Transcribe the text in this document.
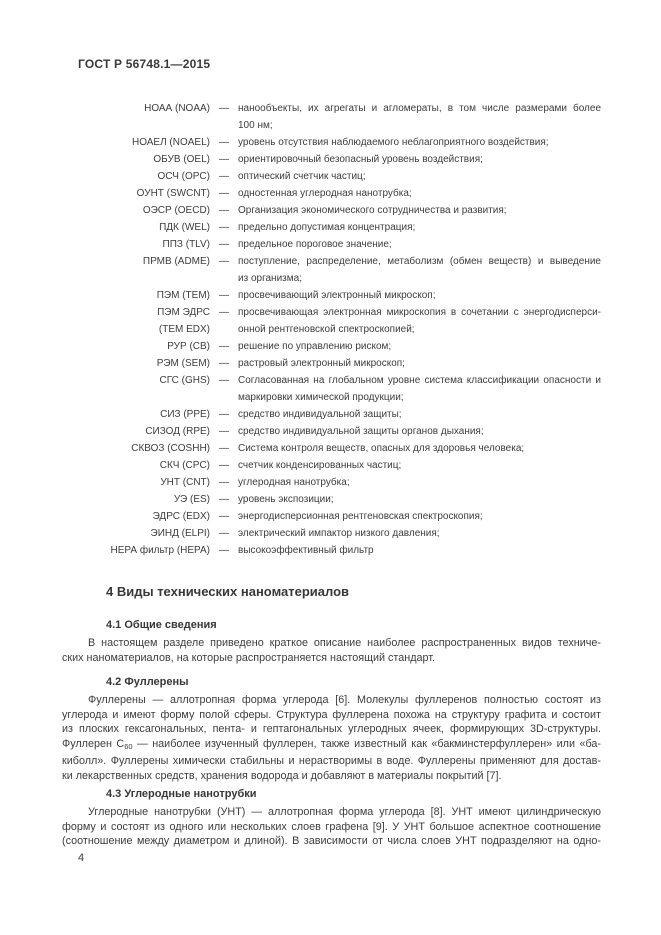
ГОСТ Р 56748.1—2015
НОАА (NOAA) — нанообъекты, их агрегаты и агломераты, в том числе размерами более
100 нм;
НОАЕЛ (NOAEL) — уровень отсутствия наблюдаемого неблагоприятного воздействия;
ОБУВ (OEL) — ориентировочный безопасный уровень воздействия;
ОСЧ (OPC) — оптический счетчик частиц;
ОУНТ (SWCNT) — одностенная углеродная нанотрубка;
ОЭСР (OECD) — Организация экономического сотрудничества и развития;
ПДК (WEL) — предельно допустимая концентрация;
ППЗ (TLV) — предельное пороговое значение;
ПРМВ (ADME) — поступление, распределение, метаболизм (обмен веществ) и выведение
из организма;
ПЭМ (TEM) — просвечивающий электронный микроскоп;
ПЭМ ЭДРС
(TEM EDX)
— просвечивающая электронная микроскопия в сочетании с энергодисперси-
онной рентгеновской спектроскопией;
РУР (CB) — решение по управлению риском;
РЭМ (SEM) — растровый электронный микроскоп;
СГС (GHS) — Согласованная на глобальном уровне система классификации опасности и
маркировки химической продукции;
СИЗ (PPE) — средство индивидуальной защиты;
СИЗОД (RPE) — средство индивидуальной защиты органов дыхания;
СКВОЗ (COSHH) — Система контроля веществ, опасных для здоровья человека;
СКЧ (CPC) — счетчик конденсированных частиц;
УНТ (CNT) — углеродная нанотрубка;
УЭ (ES) — уровень экспозиции;
ЭДРС (EDX) — энергодисперсионная рентгеновская спектроскопия;
ЭИНД (ELPI) — электрический импактор низкого давления;
НЕРА фильтр (HEPA) — высокоэффективный фильтр
4 Виды технических наноматериалов
4.1 Общие сведения
В настоящем разделе приведено краткое описание наиболее распространенных видов техниче-
ских наноматериалов, на которые распространяется настоящий стандарт.
4.2 Фуллерены
Фуллерены — аллотропная форма углерода [6]. Молекулы фуллеренов полностью состоят из
углерода и имеют форму полой сферы. Структура фуллерена похожа на структуру графита и состоит
из плоских гексагональных, пента- и гептагональных углеродных ячеек, формирующих 3D-структуры.
Фуллерен $С_{60}$ — наиболее изученный фуллерен, также известный как «бакминстерфуллерен» или «ба-
киболл». Фуллерены химически стабильны и нерастворимы в воде. Фуллерены применяют для достав-
ки лекарственных средств, хранения водорода и добавляют в материалы покрытий [7].
4.3 Углеродные нанотрубки
Углеродные нанотрубки (УНТ) — аллотропная форма углерода [8]. УНТ имеют цилиндрическую
форму и состоят из одного или нескольких слоев графена [9]. У УНТ большое аспектное соотношение
(соотношение между диаметром и длиной). В зависимости от числа слоев УНТ подразделяют на одно-
4
